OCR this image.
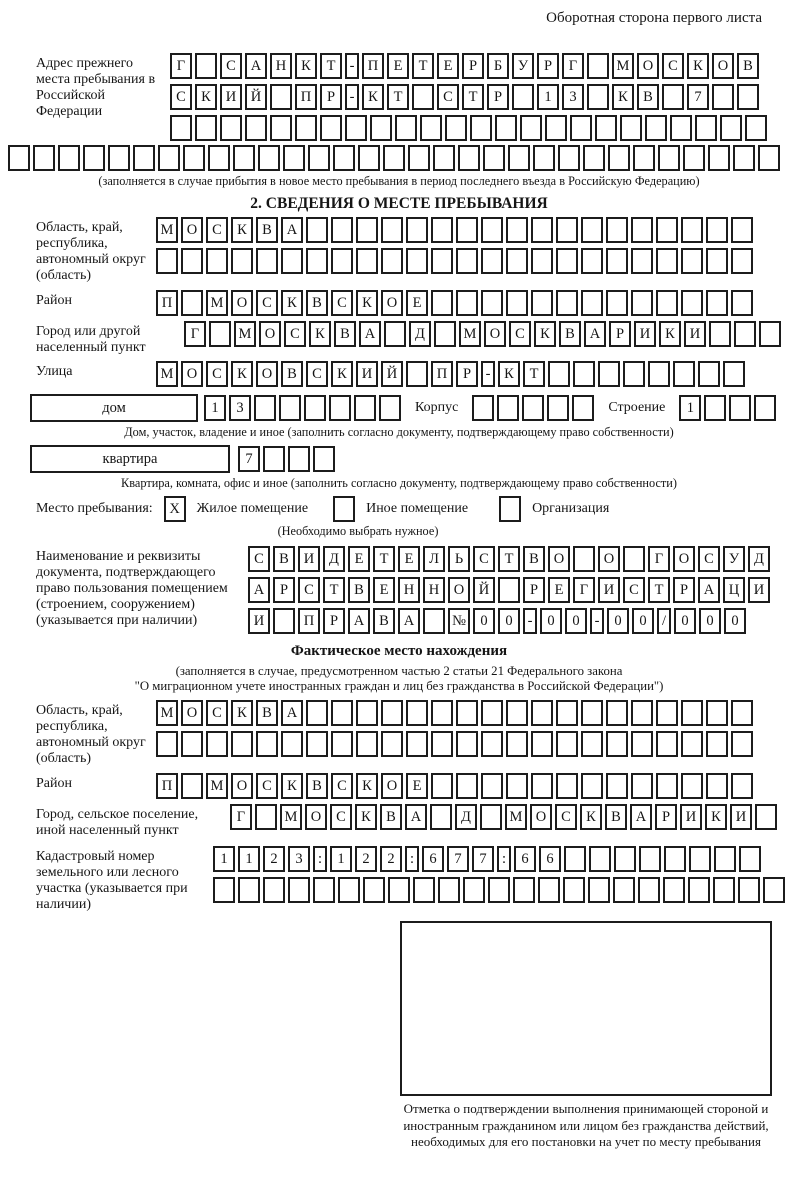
Оборотная сторона первого листа
Адрес прежнего места пребывания в Российской Федерации
Г	С	А	Н	К	Т - П	Е	Т	Е	Р	Б	У	Р	Г	М О	С	К	О	В
С	К	И	Й	П	Р	- К	Т	С	Т	Р	1	3	К	В	7
(заполняется в случае прибытия в новое место пребывания в период последнего въезда в Российскую Федерацию)
2. СВЕДЕНИЯ О МЕСТЕ ПРЕБЫВАНИЯ
Область, край, республика, автономный округ (область)
М О	С	К	В	А
Район	П	М О	С	К	В	С	К	О	Е
Город или другой населенный пункт
Г	М О	С	К	В	А	Д	М О	С	К	В	А	Р	И	К	И
Улица	М О	С	К	О	В	С	К	И	Й	П	Р	- К	Т
дом	1	3	Корпус	Строение	1
Дом, участок, владение и иное (заполнить согласно документу, подтверждающему право собственности)
квартира	7
Квартира, комната, офис и иное (заполнить согласно документу, подтверждающему право собственности)
Место пребывания:	X	Жилое помещение	Иное помещение	Организация
(Необходимо выбрать нужное)
Наименование и реквизиты документа, подтверждающего право пользования помещением (строением, сооружением) (указывается при наличии)
С	В	И	Д	Е	Т	Е	Л	Ь	С	Т	В	О	О	Г	О	С	У	Д
А	Р	С	Т	В	Е	Н	Н	О	Й	Р	Е	Г	И	С	Т	Р	А	Ц	И
И	П	Р	А	В	А	№ 0	0	-	0	0	-	0	0	/	0	0	0
Фактическое место нахождения
(заполняется в случае, предусмотренном частью 2 статьи 21 Федерального закона
"О миграционном учете иностранных граждан и лиц без гражданства в Российской Федерации")
Область, край, республика, автономный округ (область)
М О	С	К	В	А
Район	П	М О	С	К	В	С	К	О	Е
Город, сельское поселение, иной населенный пункт
Г	М О	С	К	В	А	Д	М О	С	К	В	А	Р	И	К	И
Кадастровый номер земельного или лесного участка (указывается при наличии)
1	1	2	3	:	1	2	2	:	6	7	7	:	6	6
Отметка о подтверждении выполнения принимающей стороной и иностранным гражданином или лицом без гражданства действий, необходимых для его постановки на учет по месту пребывания
